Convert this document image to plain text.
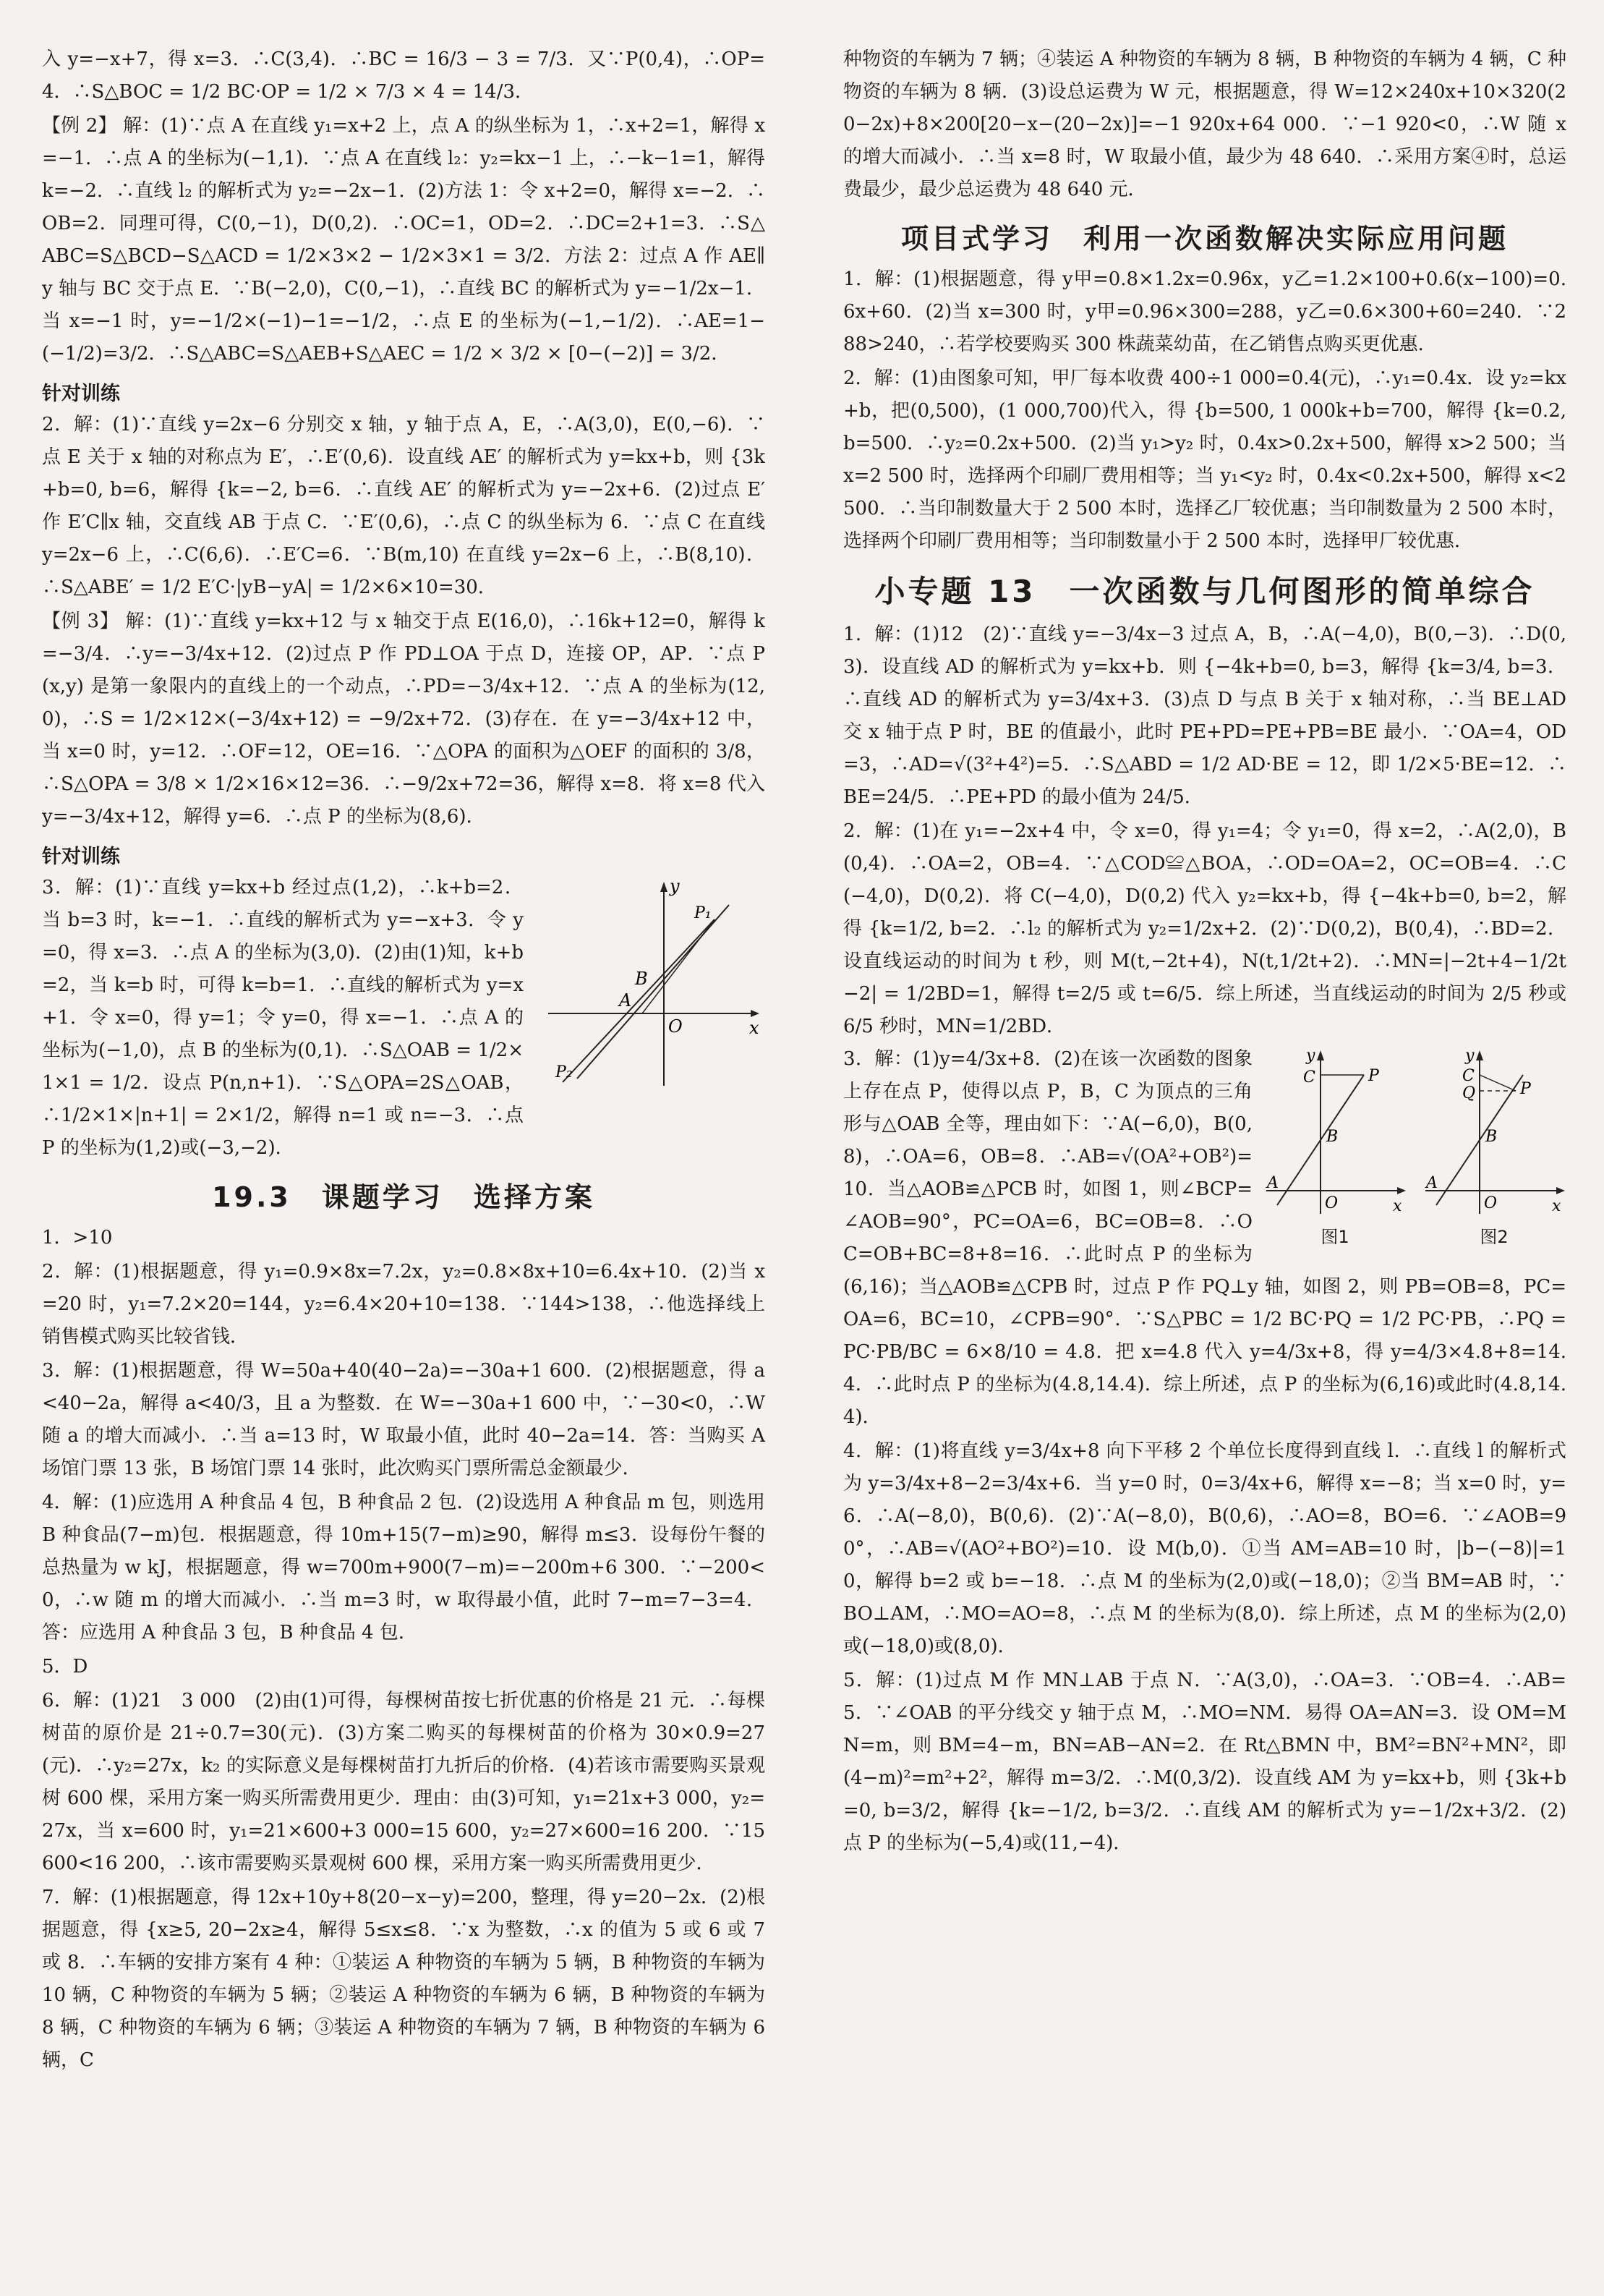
入 y=−x+7，得 x=3．∴C(3,4)．∴BC = 16/3 − 3 = 7/3．又∵P(0,4)，∴OP=4．∴S△BOC = 1/2 BC·OP = 1/2 × 7/3 × 4 = 14/3．

【例 2】 解：(1)∵点 A 在直线 y₁=x+2 上，点 A 的纵坐标为 1，∴x+2=1，解得 x=−1．∴点 A 的坐标为(−1,1)．∵点 A 在直线 l₂：y₂=kx−1 上，∴−k−1=1，解得 k=−2．∴直线 l₂ 的解析式为 y₂=−2x−1．(2)方法 1：令 x+2=0，解得 x=−2．∴OB=2．同理可得，C(0,−1)，D(0,2)．∴OC=1，OD=2．∴DC=2+1=3．∴S△ABC=S△BCD−S△ACD = 1/2×3×2 − 1/2×3×1 = 3/2．方法 2：过点 A 作 AE∥y 轴与 BC 交于点 E．∵B(−2,0)，C(0,−1)，∴直线 BC 的解析式为 y=−1/2x−1．当 x=−1 时，y=−1/2×(−1)−1=−1/2，∴点 E 的坐标为(−1,−1/2)．∴AE=1−(−1/2)=3/2．∴S△ABC=S△AEB+S△AEC = 1/2 × 3/2 × [0−(−2)] = 3/2．

针对训练

2．解：(1)∵直线 y=2x−6 分别交 x 轴，y 轴于点 A，E，∴A(3,0)，E(0,−6)．∵点 E 关于 x 轴的对称点为 E′，∴E′(0,6)．设直线 AE′ 的解析式为 y=kx+b，则 {3k+b=0, b=6，解得 {k=−2, b=6．∴直线 AE′ 的解析式为 y=−2x+6．(2)过点 E′ 作 E′C∥x 轴，交直线 AB 于点 C．∵E′(0,6)，∴点 C 的纵坐标为 6．∵点 C 在直线 y=2x−6 上，∴C(6,6)．∴E′C=6．∵B(m,10) 在直线 y=2x−6 上，∴B(8,10)．∴S△ABE′ = 1/2 E′C·|yB−yA| = 1/2×6×10=30．

【例 3】 解：(1)∵直线 y=kx+12 与 x 轴交于点 E(16,0)，∴16k+12=0，解得 k=−3/4．∴y=−3/4x+12．(2)过点 P 作 PD⊥OA 于点 D，连接 OP，AP．∵点 P(x,y) 是第一象限内的直线上的一个动点，∴PD=−3/4x+12．∵点 A 的坐标为(12,0)，∴S = 1/2×12×(−3/4x+12) = −9/2x+72．(3)存在．在 y=−3/4x+12 中，当 x=0 时，y=12．∴OF=12，OE=16．∵△OPA 的面积为△OEF 的面积的 3/8，∴S△OPA = 3/8 × 1/2×16×12=36．∴−9/2x+72=36，解得 x=8．将 x=8 代入 y=−3/4x+12，解得 y=6．∴点 P 的坐标为(8,6)．

针对训练
y
x
O
A
B
P₁
P₂

3．解：(1)∵直线 y=kx+b 经过点(1,2)，∴k+b=2．当 b=3 时，k=−1．∴直线的解析式为 y=−x+3．令 y=0，得 x=3．∴点 A 的坐标为(3,0)．(2)由(1)知，k+b=2，当 k=b 时，可得 k=b=1．∴直线的解析式为 y=x+1．令 x=0，得 y=1；令 y=0，得 x=−1．∴点 A 的坐标为(−1,0)，点 B 的坐标为(0,1)．∴S△OAB = 1/2×1×1 = 1/2．设点 P(n,n+1)．∵S△OPA=2S△OAB，∴1/2×1×|n+1| = 2×1/2，解得 n=1 或 n=−3．∴点 P 的坐标为(1,2)或(−3,−2)．

19.3　课题学习　选择方案

1．>10

2．解：(1)根据题意，得 y₁=0.9×8x=7.2x，y₂=0.8×8x+10=6.4x+10．(2)当 x=20 时，y₁=7.2×20=144，y₂=6.4×20+10=138．∵144>138，∴他选择线上销售模式购买比较省钱．

3．解：(1)根据题意，得 W=50a+40(40−2a)=−30a+1 600．(2)根据题意，得 a<40−2a，解得 a<40/3，且 a 为整数．在 W=−30a+1 600 中，∵−30<0，∴W 随 a 的增大而减小．∴当 a=13 时，W 取最小值，此时 40−2a=14．答：当购买 A 场馆门票 13 张，B 场馆门票 14 张时，此次购买门票所需总金额最少．

4．解：(1)应选用 A 种食品 4 包，B 种食品 2 包．(2)设选用 A 种食品 m 包，则选用 B 种食品(7−m)包．根据题意，得 10m+15(7−m)≥90，解得 m≤3．设每份午餐的总热量为 w kJ，根据题意，得 w=700m+900(7−m)=−200m+6 300．∵−200<0，∴w 随 m 的增大而减小．∴当 m=3 时，w 取得最小值，此时 7−m=7−3=4．答：应选用 A 种食品 3 包，B 种食品 4 包．

5．D

6．解：(1)21　3 000　(2)由(1)可得，每棵树苗按七折优惠的价格是 21 元．∴每棵树苗的原价是 21÷0.7=30(元)．(3)方案二购买的每棵树苗的价格为 30×0.9=27(元)．∴y₂=27x，k₂ 的实际意义是每棵树苗打九折后的价格．(4)若该市需要购买景观树 600 棵，采用方案一购买所需费用更少．理由：由(3)可知，y₁=21x+3 000，y₂=27x，当 x=600 时，y₁=21×600+3 000=15 600，y₂=27×600=16 200．∵15 600<16 200，∴该市需要购买景观树 600 棵，采用方案一购买所需费用更少．

7．解：(1)根据题意，得 12x+10y+8(20−x−y)=200，整理，得 y=20−2x．(2)根据题意，得 {x≥5, 20−2x≥4，解得 5≤x≤8．∵x 为整数，∴x 的值为 5 或 6 或 7 或 8．∴车辆的安排方案有 4 种：①装运 A 种物资的车辆为 5 辆，B 种物资的车辆为 10 辆，C 种物资的车辆为 5 辆；②装运 A 种物资的车辆为 6 辆，B 种物资的车辆为 8 辆，C 种物资的车辆为 6 辆；③装运 A 种物资的车辆为 7 辆，B 种物资的车辆为 6 辆，C

种物资的车辆为 7 辆；④装运 A 种物资的车辆为 8 辆，B 种物资的车辆为 4 辆，C 种物资的车辆为 8 辆．(3)设总运费为 W 元，根据题意，得 W=12×240x+10×320(20−2x)+8×200[20−x−(20−2x)]=−1 920x+64 000．∵−1 920<0，∴W 随 x 的增大而减小．∴当 x=8 时，W 取最小值，最少为 48 640．∴采用方案④时，总运费最少，最少总运费为 48 640 元．

项目式学习　利用一次函数解决实际应用问题

1．解：(1)根据题意，得 y甲=0.8×1.2x=0.96x，y乙=1.2×100+0.6(x−100)=0.6x+60．(2)当 x=300 时，y甲=0.96×300=288，y乙=0.6×300+60=240．∵288>240，∴若学校要购买 300 株蔬菜幼苗，在乙销售点购买更优惠．

2．解：(1)由图象可知，甲厂每本收费 400÷1 000=0.4(元)，∴y₁=0.4x．设 y₂=kx+b，把(0,500)，(1 000,700)代入，得 {b=500, 1 000k+b=700，解得 {k=0.2, b=500．∴y₂=0.2x+500．(2)当 y₁>y₂ 时，0.4x>0.2x+500，解得 x>2 500；当 x=2 500 时，选择两个印刷厂费用相等；当 y₁<y₂ 时，0.4x<0.2x+500，解得 x<2 500．∴当印制数量大于 2 500 本时，选择乙厂较优惠；当印制数量为 2 500 本时，选择两个印刷厂费用相等；当印制数量小于 2 500 本时，选择甲厂较优惠．

小专题 13　一次函数与几何图形的简单综合

1．解：(1)12　(2)∵直线 y=−3/4x−3 过点 A，B，∴A(−4,0)，B(0,−3)．∴D(0,3)．设直线 AD 的解析式为 y=kx+b．则 {−4k+b=0, b=3，解得 {k=3/4, b=3．∴直线 AD 的解析式为 y=3/4x+3．(3)点 D 与点 B 关于 x 轴对称，∴当 BE⊥AD 交 x 轴于点 P 时，BE 的值最小，此时 PE+PD=PE+PB=BE 最小．∵OA=4，OD=3，∴AD=√(3²+4²)=5．∴S△ABD = 1/2 AD·BE = 12，即 1/2×5·BE=12．∴BE=24/5．∴PE+PD 的最小值为 24/5．

2．解：(1)在 y₁=−2x+4 中，令 x=0，得 y₁=4；令 y₁=0，得 x=2，∴A(2,0)，B(0,4)．∴OA=2，OB=4．∵△COD≌△BOA，∴OD=OA=2，OC=OB=4．∴C(−4,0)，D(0,2)．将 C(−4,0)，D(0,2) 代入 y₂=kx+b，得 {−4k+b=0, b=2，解得 {k=1/2, b=2．∴l₂ 的解析式为 y₂=1/2x+2．(2)∵D(0,2)，B(0,4)，∴BD=2．设直线运动的时间为 t 秒，则 M(t,−2t+4)，N(t,1/2t+2)．∴MN=|−2t+4−1/2t−2| = 1/2BD=1，解得 t=2/5 或 t=6/5．综上所述，当直线运动的时间为 2/5 秒或 6/5 秒时，MN=1/2BD．

y
x
C	P
B
A
O
图1
y
x
C
Q	P
B
A
O
图2

3．解：(1)y=4/3x+8．(2)在该一次函数的图象上存在点 P，使得以点 P，B，C 为顶点的三角形与△OAB 全等，理由如下：∵A(−6,0)，B(0,8)，∴OA=6，OB=8．∴AB=√(OA²+OB²)=10．当△AOB≌△PCB 时，如图 1，则∠BCP=∠AOB=90°，PC=OA=6，BC=OB=8．∴OC=OB+BC=8+8=16．∴此时点 P 的坐标为(6,16)；当△AOB≌△CPB 时，过点 P 作 PQ⊥y 轴，如图 2，则 PB=OB=8，PC=OA=6，BC=10，∠CPB=90°．∵S△PBC = 1/2 BC·PQ = 1/2 PC·PB，∴PQ = PC·PB/BC = 6×8/10 = 4.8．把 x=4.8 代入 y=4/3x+8，得 y=4/3×4.8+8=14.4．∴此时点 P 的坐标为(4.8,14.4)．综上所述，点 P 的坐标为(6,16)或此时(4.8,14.4)．

4．解：(1)将直线 y=3/4x+8 向下平移 2 个单位长度得到直线 l．∴直线 l 的解析式为 y=3/4x+8−2=3/4x+6．当 y=0 时，0=3/4x+6，解得 x=−8；当 x=0 时，y=6．∴A(−8,0)，B(0,6)．(2)∵A(−8,0)，B(0,6)，∴AO=8，BO=6．∵∠AOB=90°，∴AB=√(AO²+BO²)=10．设 M(b,0)．①当 AM=AB=10 时，|b−(−8)|=10，解得 b=2 或 b=−18．∴点 M 的坐标为(2,0)或(−18,0)；②当 BM=AB 时，∵BO⊥AM，∴MO=AO=8，∴点 M 的坐标为(8,0)．综上所述，点 M 的坐标为(2,0)或(−18,0)或(8,0)．

5．解：(1)过点 M 作 MN⊥AB 于点 N．∵A(3,0)，∴OA=3．∵OB=4．∴AB=5．∵∠OAB 的平分线交 y 轴于点 M，∴MO=NM．易得 OA=AN=3．设 OM=MN=m，则 BM=4−m，BN=AB−AN=2．在 Rt△BMN 中，BM²=BN²+MN²，即(4−m)²=m²+2²，解得 m=3/2．∴M(0,3/2)．设直线 AM 为 y=kx+b，则 {3k+b=0, b=3/2，解得 {k=−1/2, b=3/2．∴直线 AM 的解析式为 y=−1/2x+3/2．(2)点 P 的坐标为(−5,4)或(11,−4)．
